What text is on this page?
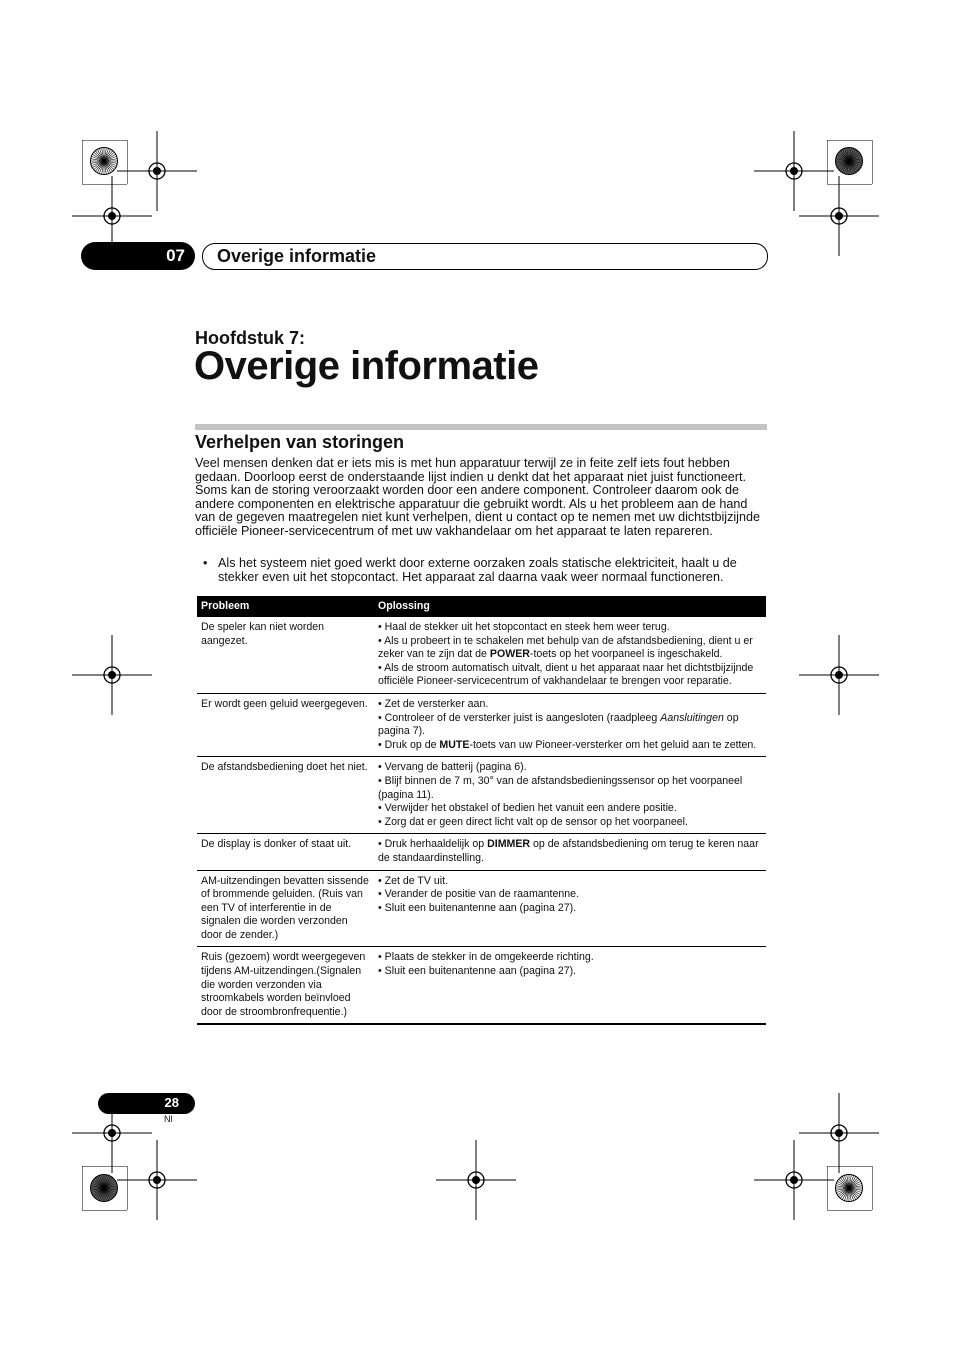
07 Overige informatie
Hoofdstuk 7:
Overige informatie
Verhelpen van storingen

Veel mensen denken dat er iets mis is met hun apparatuur terwijl ze in feite zelf iets fout hebben gedaan. Doorloop eerst de onderstaande lijst indien u denkt dat het apparaat niet juist functioneert. Soms kan de storing veroorzaakt worden door een andere component. Controleer daarom ook de andere componenten en elektrische apparatuur die gebruikt wordt. Als u het probleem aan de hand van de gegeven maatregelen niet kunt verhelpen, dient u contact op te nemen met uw dichtstbijzijnde officiële Pioneer-servicecentrum of met uw vakhandelaar om het apparaat te laten repareren.

• Als het systeem niet goed werkt door externe oorzaken zoals statische elektriciteit, haalt u de stekker even uit het stopcontact. Het apparaat zal daarna vaak weer normaal functioneren.
Probleem	Oplossing
De speler kan niet worden aangezet.	• Haal de stekker uit het stopcontact en steek hem weer terug.
• Als u probeert in te schakelen met behulp van de afstandsbediening, dient u er zeker van te zijn dat de POWER-toets op het voorpaneel is ingeschakeld.
• Als de stroom automatisch uitvalt, dient u het apparaat naar het dichtstbijzijnde officiële Pioneer-servicecentrum of vakhandelaar te brengen voor reparatie.

Er wordt geen geluid weergegeven.	• Zet de versterker aan.
• Controleer of de versterker juist is aangesloten (raadpleeg Aansluitingen op pagina 7).
• Druk op de MUTE-toets van uw Pioneer-versterker om het geluid aan te zetten.

De afstandsbediening doet het niet.	• Vervang de batterij (pagina 6).
• Blijf binnen de 7 m, 30° van de afstandsbedieningssensor op het voorpaneel (pagina 11).
• Verwijder het obstakel of bedien het vanuit een andere positie.
• Zorg dat er geen direct licht valt op de sensor op het voorpaneel.

De display is donker of staat uit.	• Druk herhaaldelijk op DIMMER op de afstandsbediening om terug te keren naar de standaardinstelling.

AM-uitzendingen bevatten sissende of brommende geluiden. (Ruis van een TV of interferentie in de signalen die worden verzonden door de zender.)	• Zet de TV uit.
• Verander de positie van de raamantenne.
• Sluit een buitenantenne aan (pagina 27).

Ruis (gezoem) wordt weergegeven tijdens AM-uitzendingen.(Signalen die worden verzonden via stroomkabels worden beïnvloed door de stroombronfrequentie.)	• Plaats de stekker in de omgekeerde richting.
• Sluit een buitenantenne aan (pagina 27).
28
Nl
